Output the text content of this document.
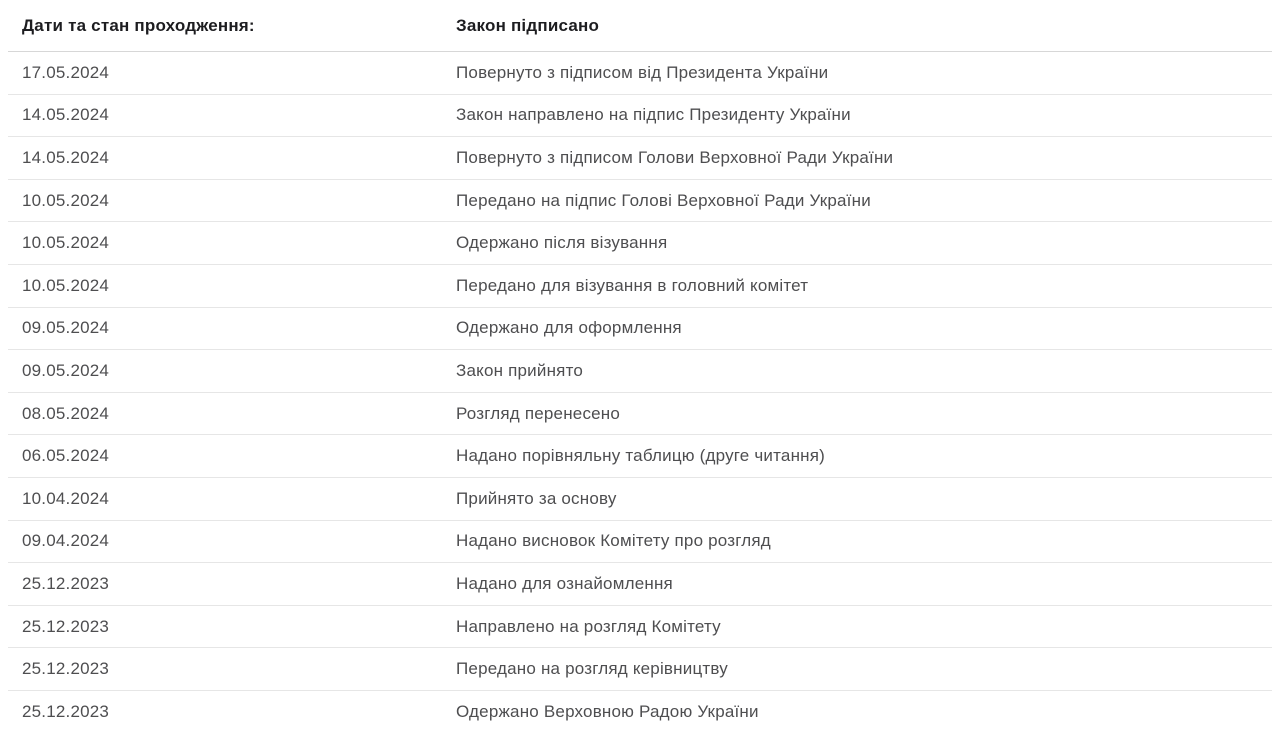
Дати та стан проходження:	Закон підписано
17.05.2024	Повернуто з підписом від Президента України
14.05.2024	Закон направлено на підпис Президенту України
14.05.2024	Повернуто з підписом Голови Верховної Ради України
10.05.2024	Передано на підпис Голові Верховної Ради України
10.05.2024	Одержано після візування
10.05.2024	Передано для візування в головний комітет
09.05.2024	Одержано для оформлення
09.05.2024	Закон прийнято
08.05.2024	Розгляд перенесено
06.05.2024	Надано порівняльну таблицю (друге читання)
10.04.2024	Прийнято за основу
09.04.2024	Надано висновок Комітету про розгляд
25.12.2023	Надано для ознайомлення
25.12.2023	Направлено на розгляд Комітету
25.12.2023	Передано на розгляд керівництву
25.12.2023	Одержано Верховною Радою України
